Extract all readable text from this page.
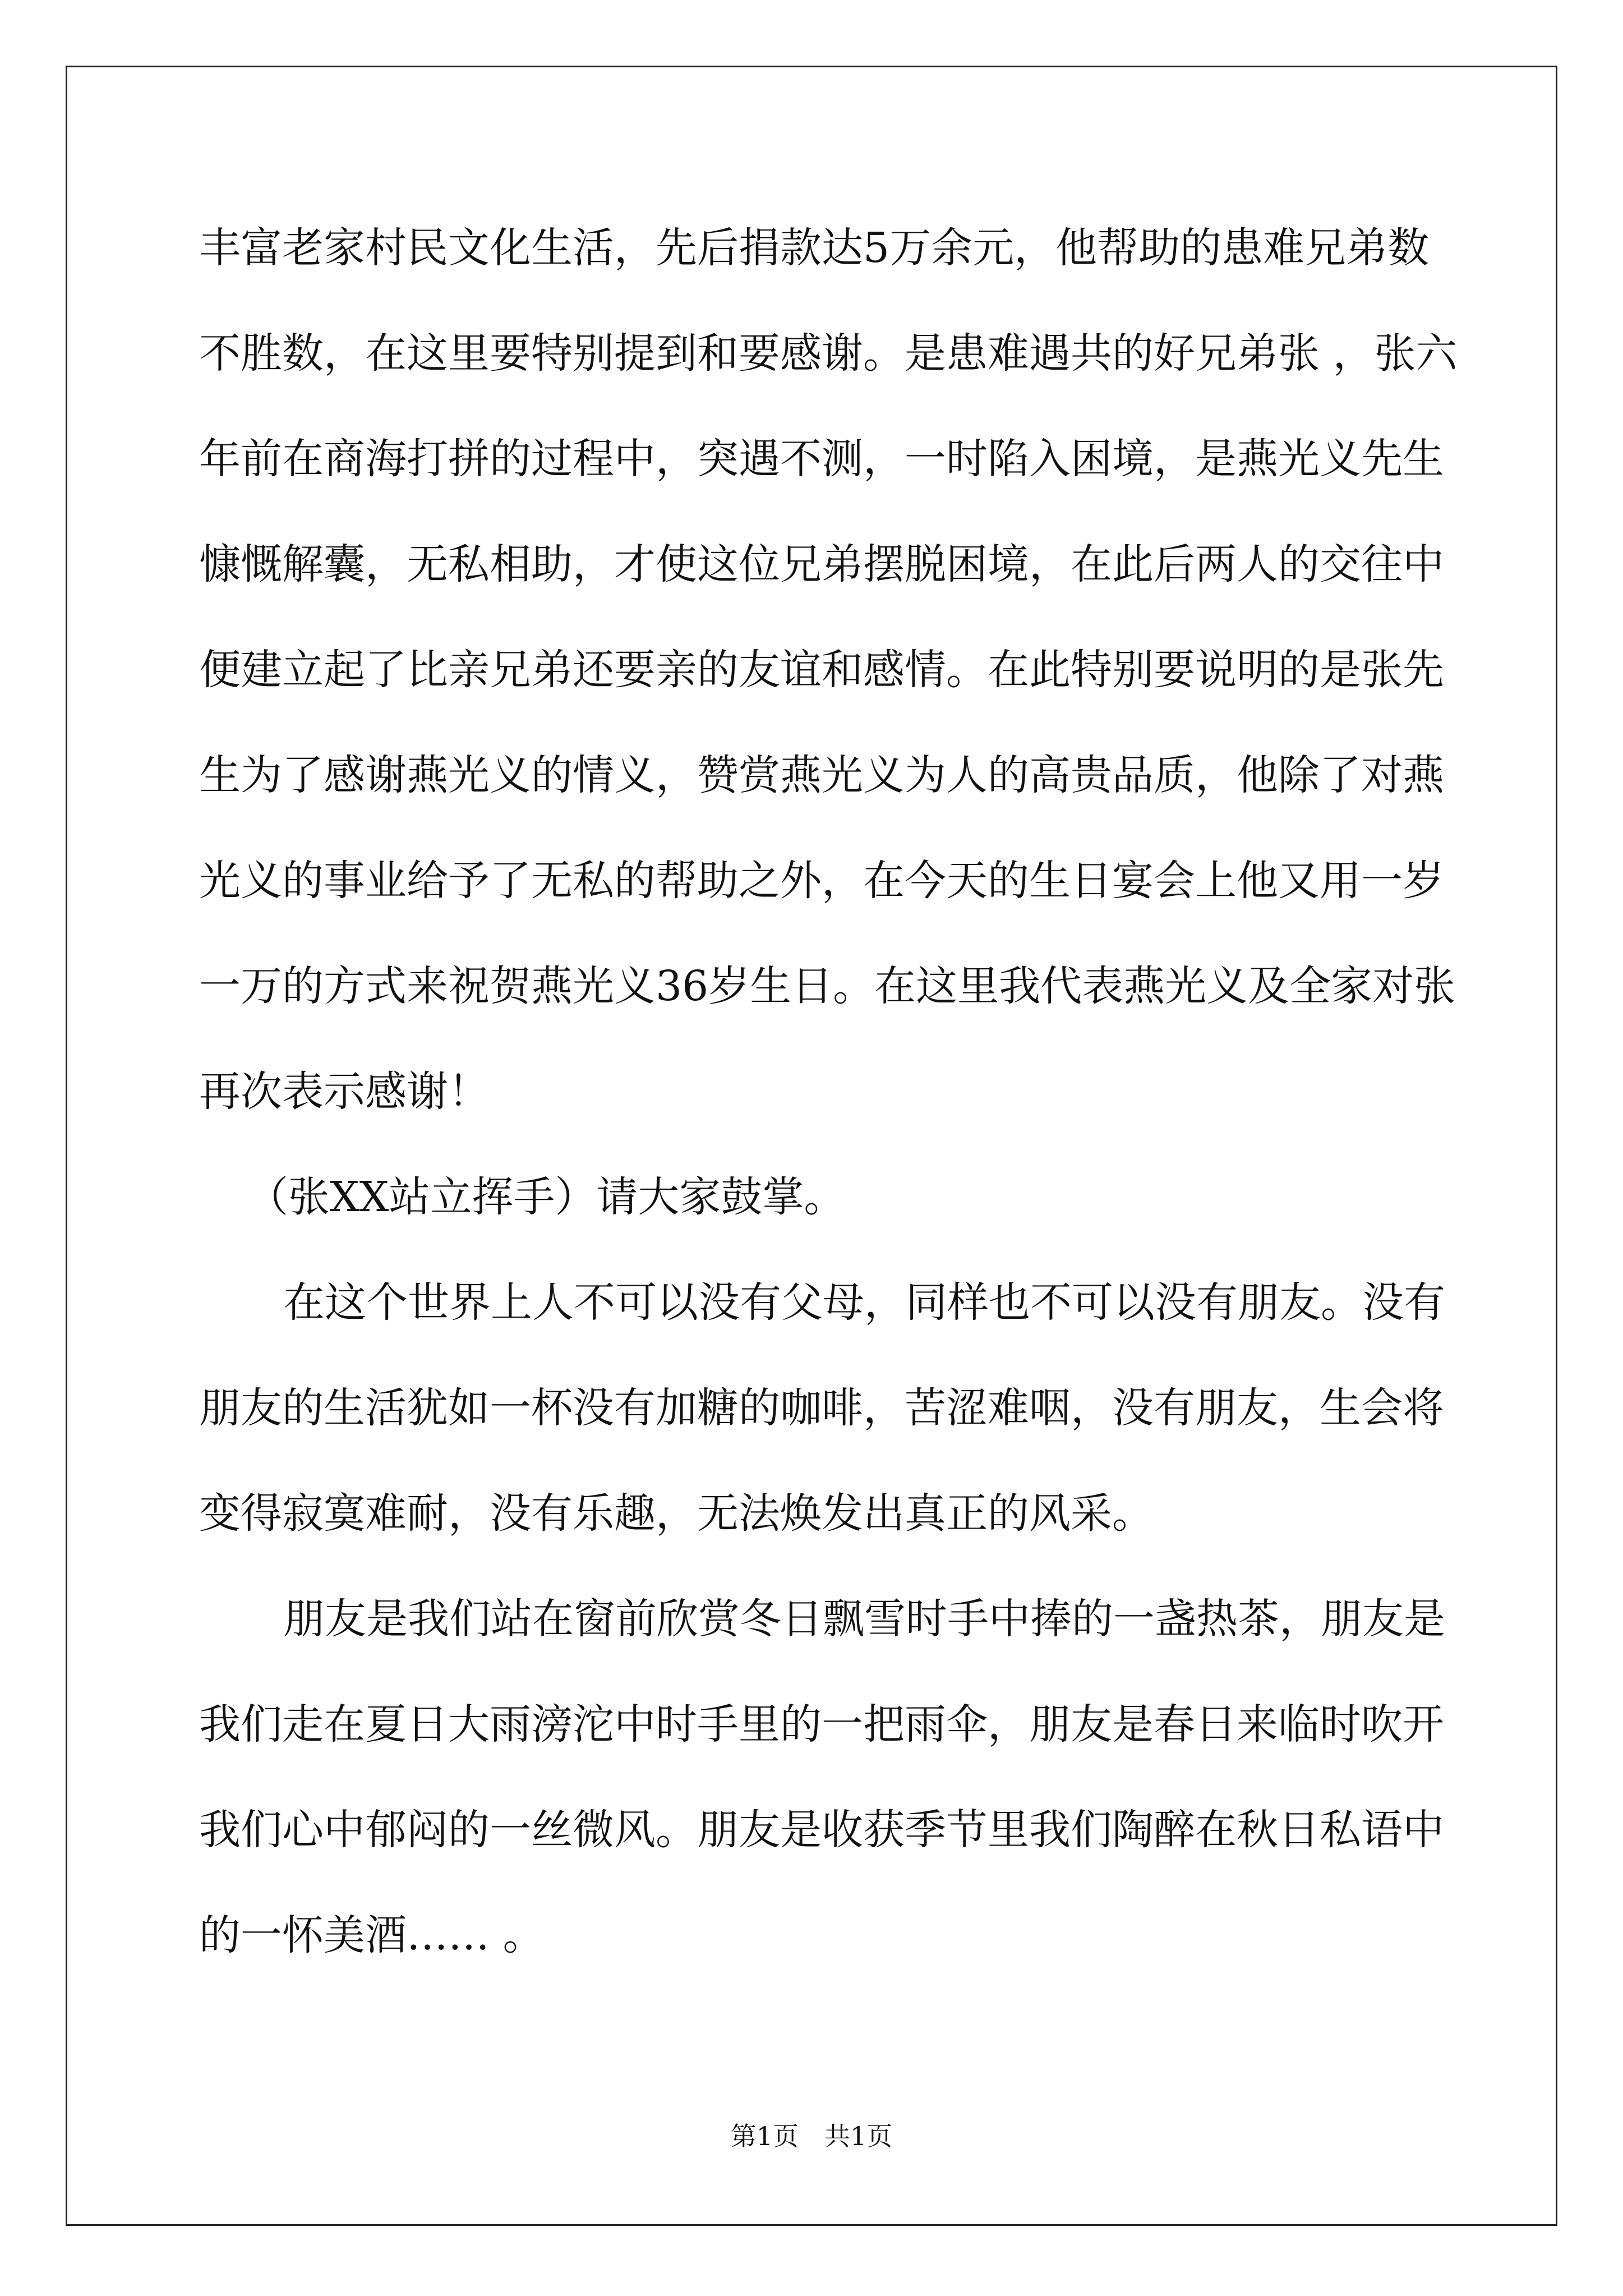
丰富老家村民文化生活，先后捐款达5万余元，他帮助的患难兄弟数
不胜数，在这里要特别提到和要感谢。是患难遇共的好兄弟张 ，张六
年前在商海打拼的过程中，突遇不测，一时陷入困境，是燕光义先生
慷慨解囊，无私相助，才使这位兄弟摆脱困境，在此后两人的交往中
便建立起了比亲兄弟还要亲的友谊和感情。在此特别要说明的是张先
生为了感谢燕光义的情义，赞赏燕光义为人的高贵品质，他除了对燕
光义的事业给予了无私的帮助之外，在今天的生日宴会上他又用一岁
一万的方式来祝贺燕光义36岁生日。在这里我代表燕光义及全家对张
再次表示感谢！
（张XX站立挥手）请大家鼓掌。
在这个世界上人不可以没有父母，同样也不可以没有朋友。没有
朋友的生活犹如一杯没有加糖的咖啡，苦涩难咽，没有朋友，生会将
变得寂寞难耐，没有乐趣，无法焕发出真正的风采。
朋友是我们站在窗前欣赏冬日飘雪时手中捧的一盏热茶，朋友是
我们走在夏日大雨滂沱中时手里的一把雨伞，朋友是春日来临时吹开
我们心中郁闷的一丝微风。朋友是收获季节里我们陶醉在秋日私语中
的一怀美酒…… 。
第1页　共1页
